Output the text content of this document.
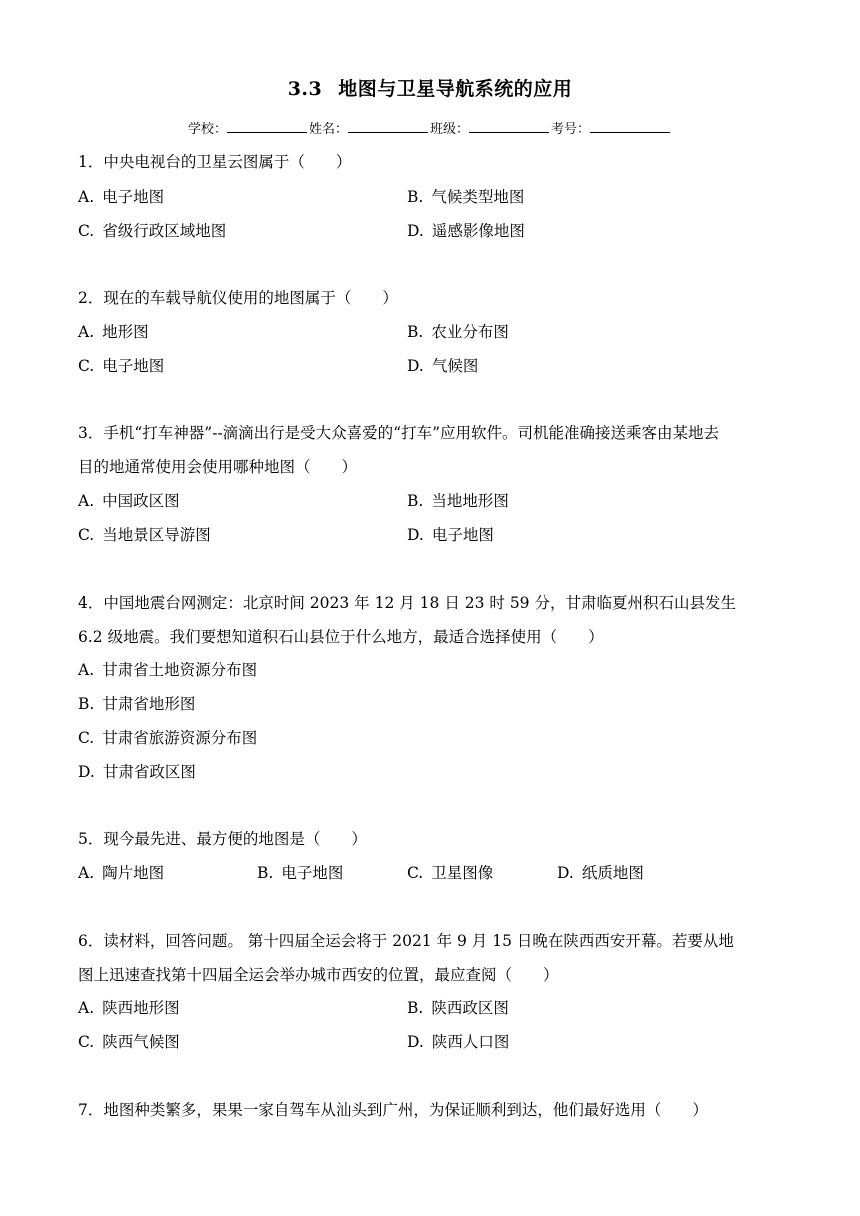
3.3 地图与卫星导航系统的应用
学校：	姓名：	班级：	考号：
1．中央电视台的卫星云图属于（　　）
A. 电子地图	B. 气候类型地图
C. 省级行政区域地图	D. 遥感影像地图
2．现在的车载导航仪使用的地图属于（　　）
A. 地形图	B. 农业分布图
C. 电子地图	D. 气候图
3．手机“打车神器”--滴滴出行是受大众喜爱的“打车”应用软件。司机能准确接送乘客由某地去
目的地通常使用会使用哪种地图（　　）
A. 中国政区图	B. 当地地形图
C. 当地景区导游图	D. 电子地图
4．中国地震台网测定：北京时间 2023 年 12 月 18 日 23 时 59 分，甘肃临夏州积石山县发生
6.2 级地震。我们要想知道积石山县位于什么地方，最适合选择使用（　　）
A. 甘肃省土地资源分布图
B. 甘肃省地形图
C. 甘肃省旅游资源分布图
D. 甘肃省政区图
5．现今最先进、最方便的地图是（　　）
A. 陶片地图	B. 电子地图	C. 卫星图像	D. 纸质地图
6．读材料，回答问题。 第十四届全运会将于 2021 年 9 月 15 日晚在陕西西安开幕。若要从地
图上迅速查找第十四届全运会举办城市西安的位置，最应查阅（　　）
A. 陕西地形图	B. 陕西政区图
C. 陕西气候图	D. 陕西人口图
7．地图种类繁多，果果一家自驾车从汕头到广州，为保证顺利到达，他们最好选用（　　）
